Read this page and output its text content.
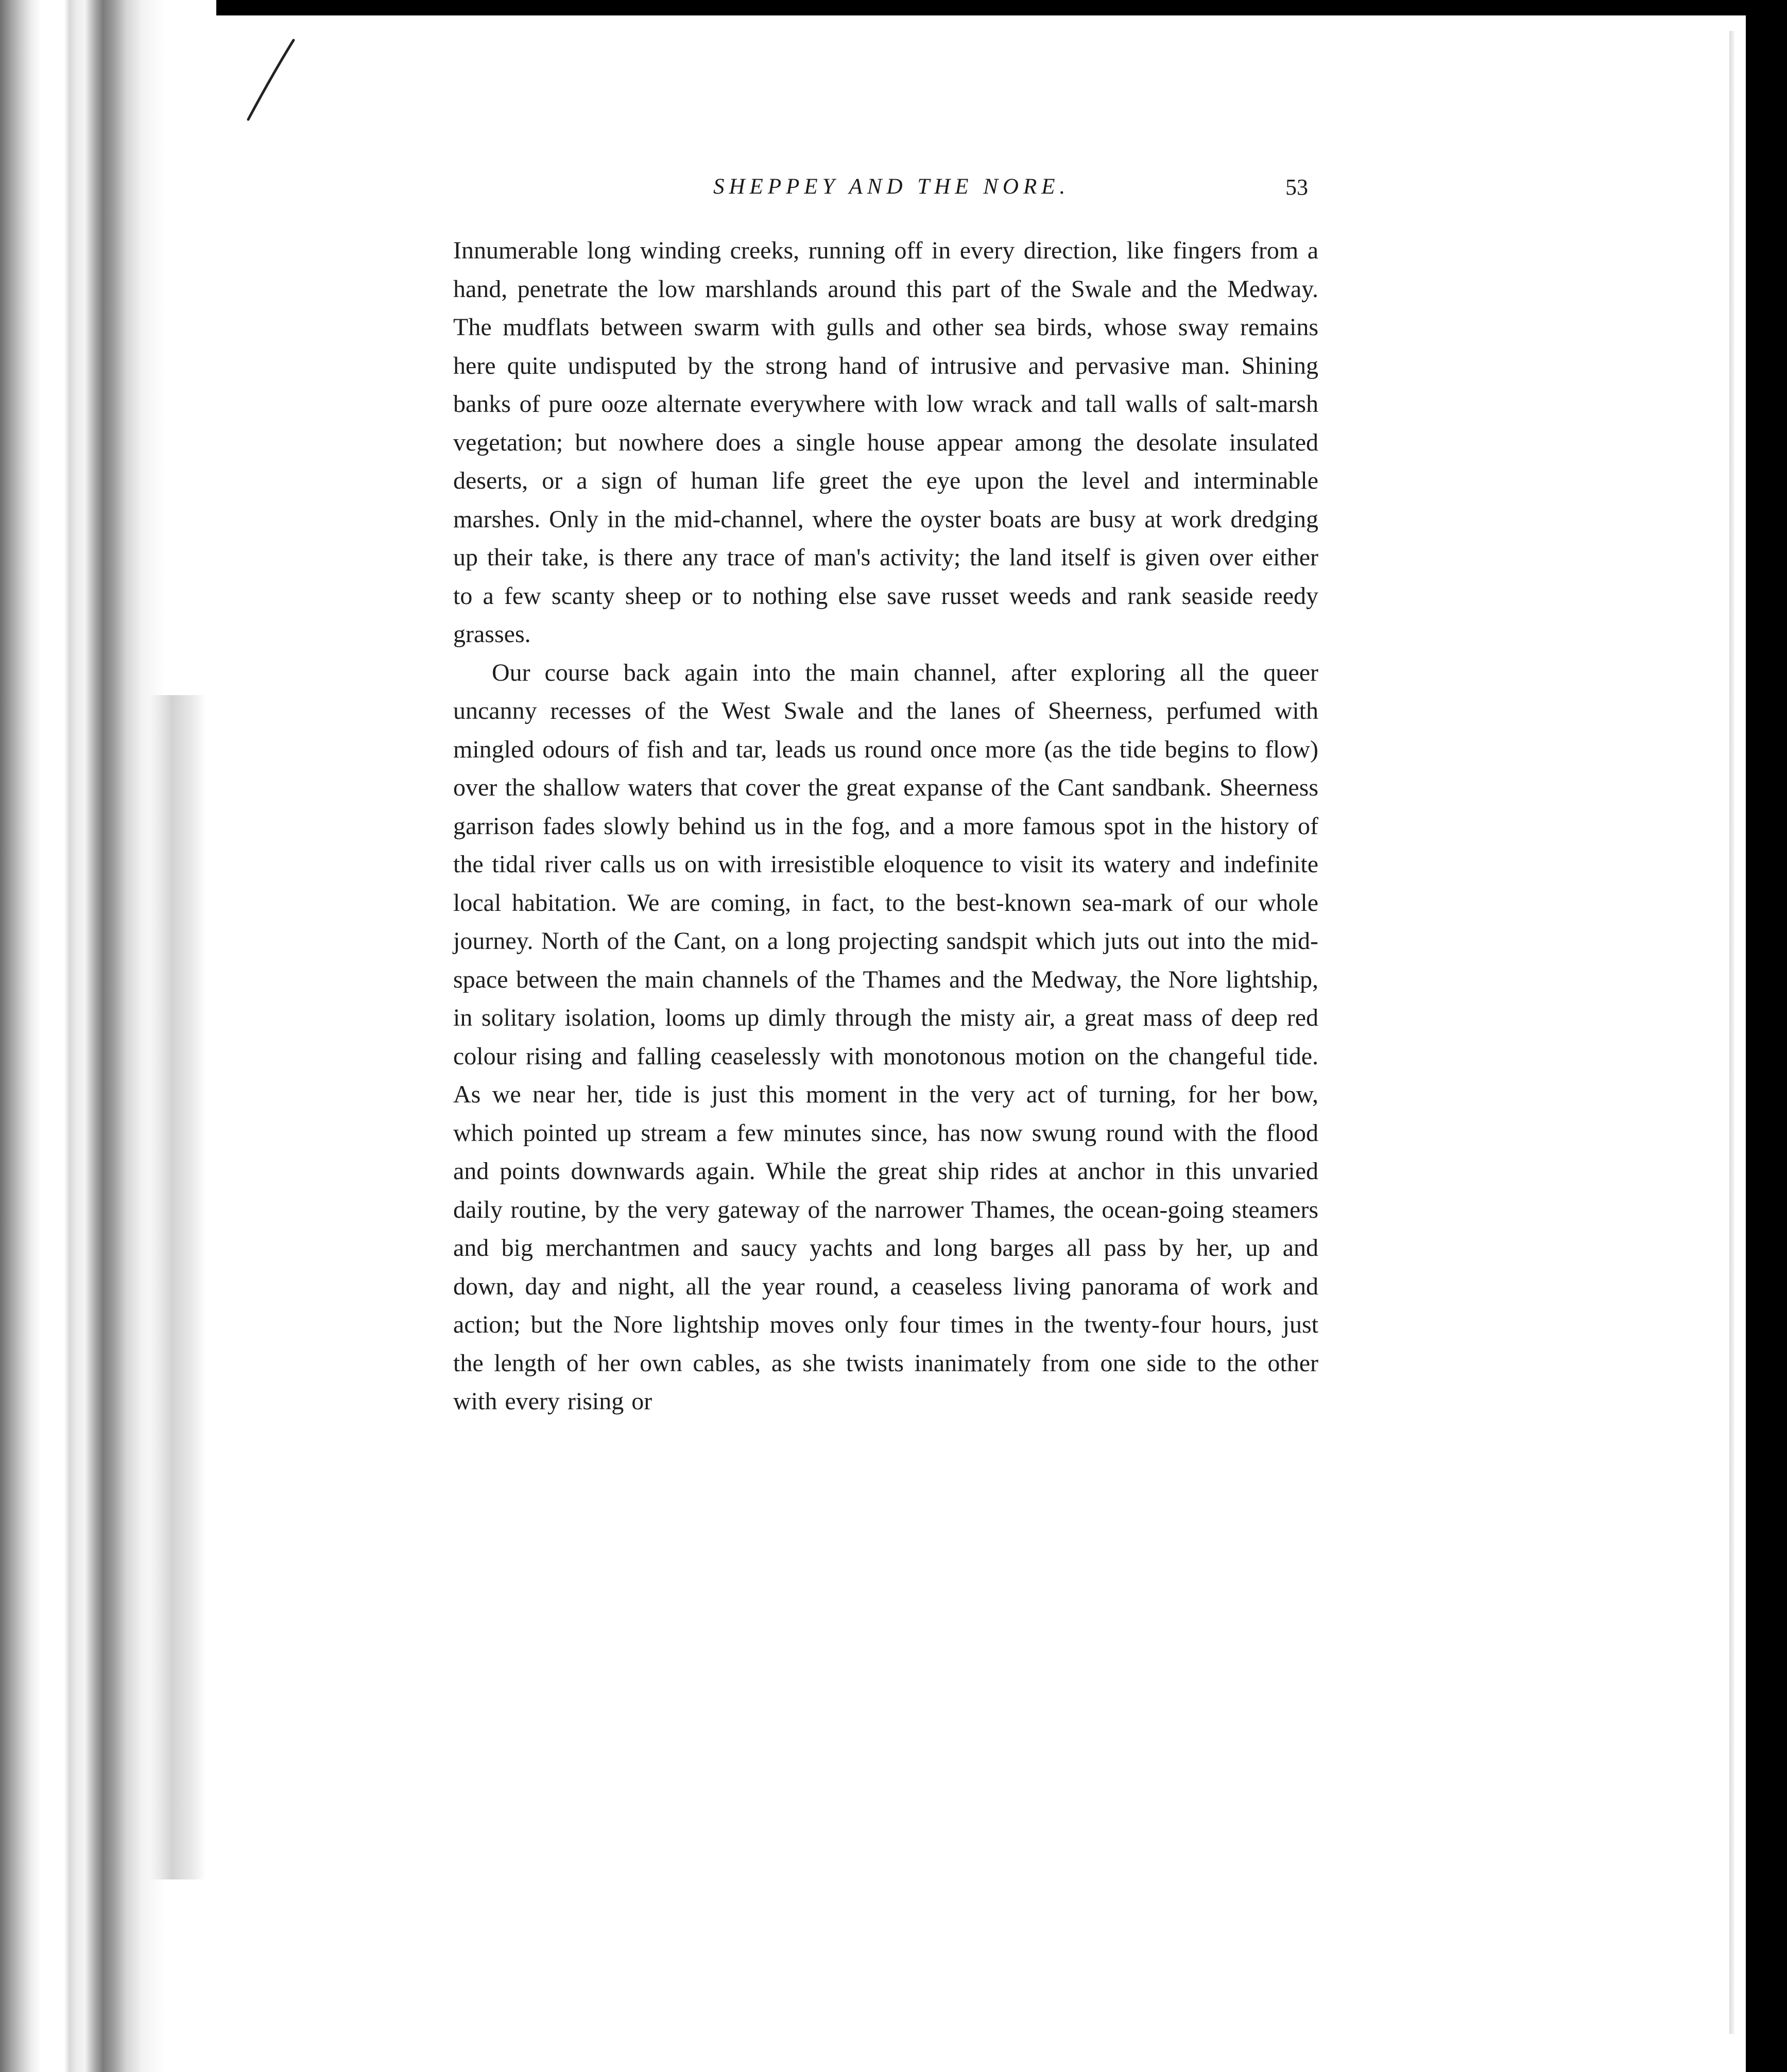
SHEPPEY AND THE NORE.	53

Innumerable long winding creeks, running off in every direction, like fingers from a hand, penetrate the low marshlands around this part of the Swale and the Medway. The mudflats between swarm with gulls and other sea birds, whose sway remains here quite undisputed by the strong hand of intrusive and pervasive man. Shining banks of pure ooze alternate everywhere with low wrack and tall walls of salt-marsh vegetation; but nowhere does a single house appear among the desolate insulated deserts, or a sign of human life greet the eye upon the level and interminable marshes. Only in the mid-channel, where the oyster boats are busy at work dredging up their take, is there any trace of man's activity; the land itself is given over either to a few scanty sheep or to nothing else save russet weeds and rank seaside reedy grasses.

Our course back again into the main channel, after exploring all the queer uncanny recesses of the West Swale and the lanes of Sheerness, perfumed with mingled odours of fish and tar, leads us round once more (as the tide begins to flow) over the shallow waters that cover the great expanse of the Cant sandbank. Sheerness garrison fades slowly behind us in the fog, and a more famous spot in the history of the tidal river calls us on with irresistible eloquence to visit its watery and indefinite local habitation. We are coming, in fact, to the best-known sea-mark of our whole journey. North of the Cant, on a long projecting sandspit which juts out into the mid-space between the main channels of the Thames and the Medway, the Nore lightship, in solitary isolation, looms up dimly through the misty air, a great mass of deep red colour rising and falling ceaselessly with monotonous motion on the changeful tide. As we near her, tide is just this moment in the very act of turning, for her bow, which pointed up stream a few minutes since, has now swung round with the flood and points downwards again. While the great ship rides at anchor in this unvaried daily routine, by the very gateway of the narrower Thames, the ocean-going steamers and big merchantmen and saucy yachts and long barges all pass by her, up and down, day and night, all the year round, a ceaseless living panorama of work and action; but the Nore lightship moves only four times in the twenty-four hours, just the length of her own cables, as she twists inanimately from one side to the other with every rising or
